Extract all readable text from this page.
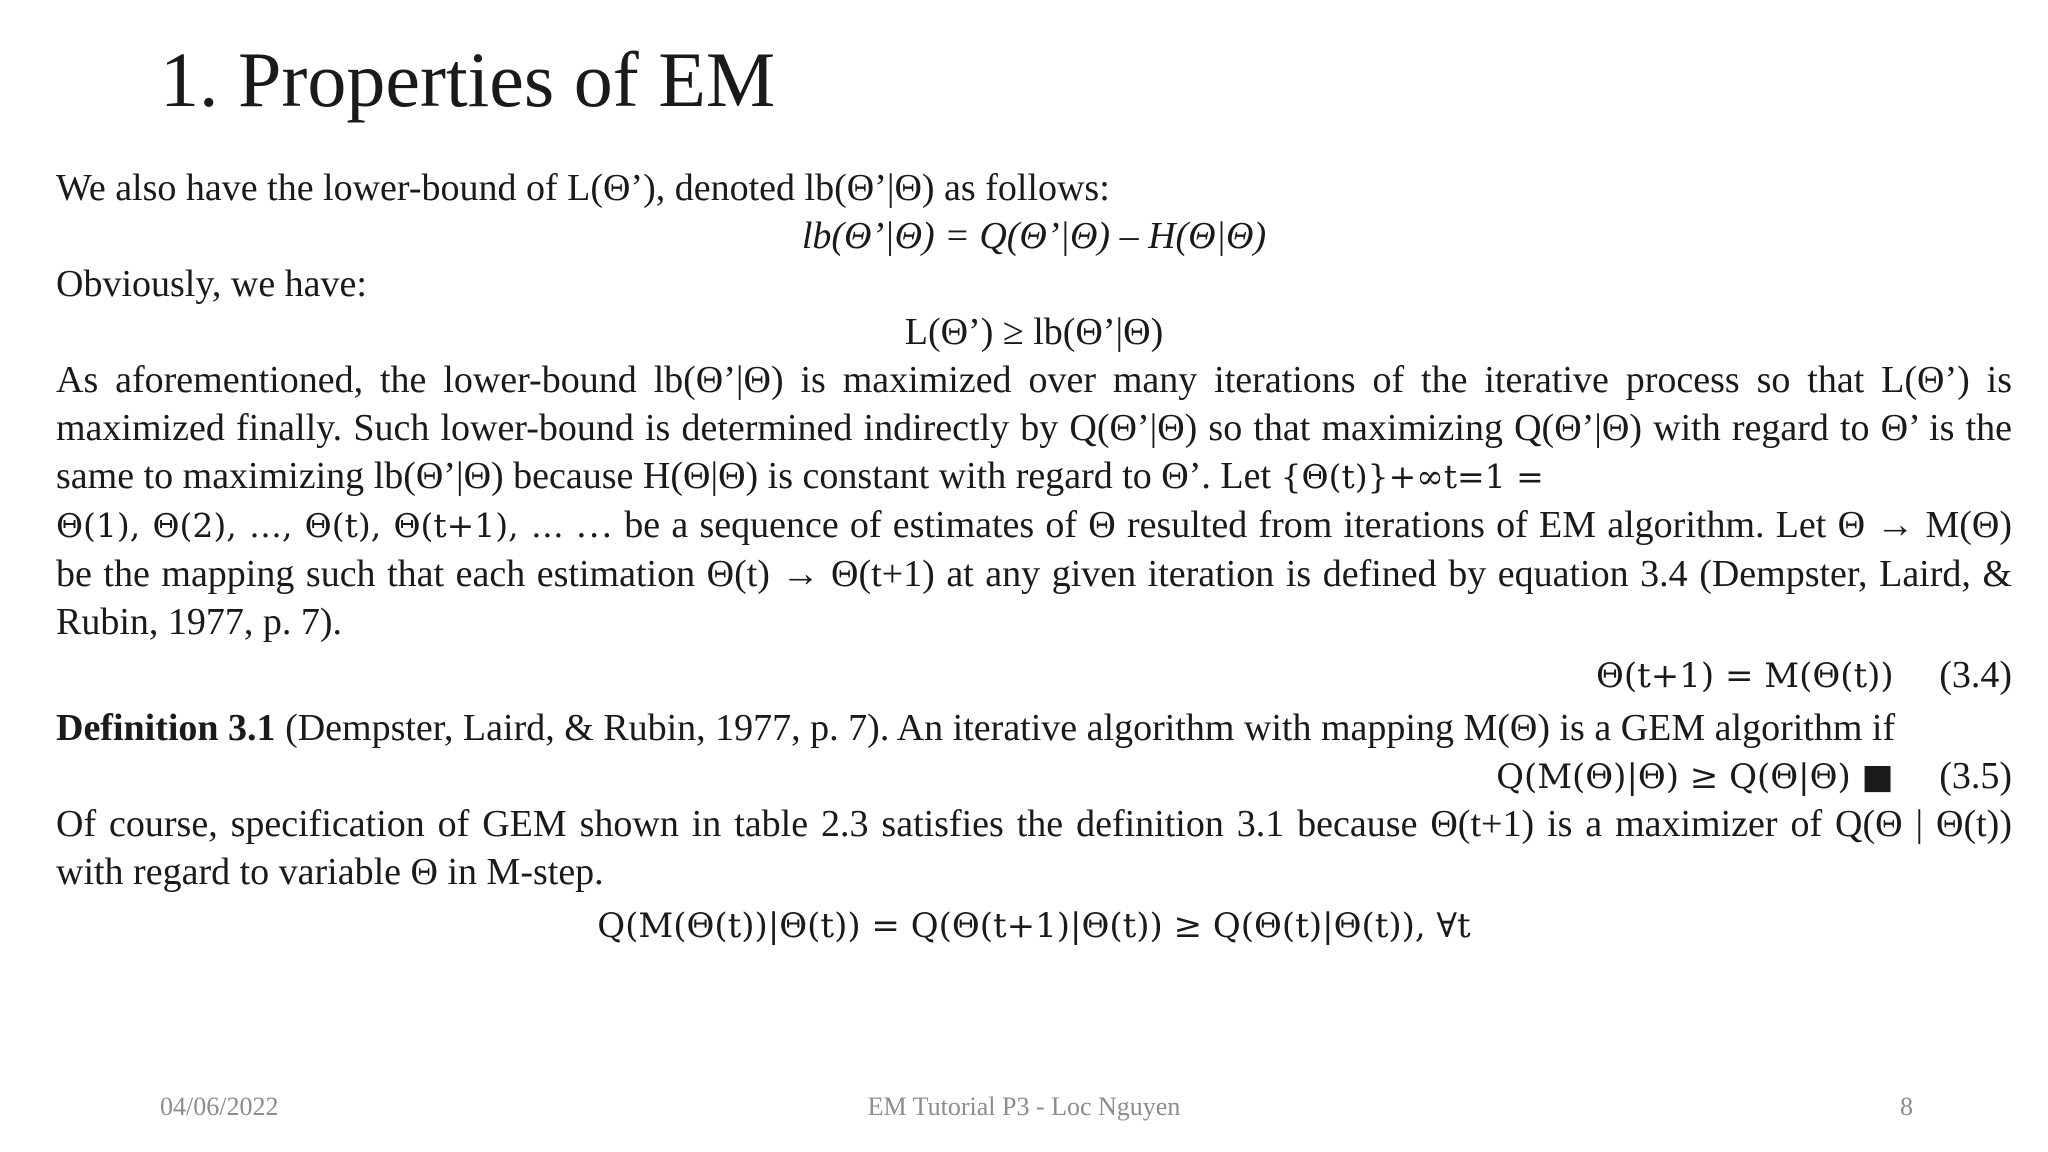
1. Properties of EM

We also have the lower-bound of L(Θ’), denoted lb(Θ’|Θ) as follows:

lb(Θ’|Θ) = Q(Θ’|Θ) – H(Θ|Θ)

Obviously, we have:

L(Θ’) ≥ lb(Θ’|Θ)

As aforementioned, the lower-bound lb(Θ’|Θ) is maximized over many iterations of the iterative process so that L(Θ’) is maximized finally. Such lower-bound is determined indirectly by Q(Θ’|Θ) so that maximizing Q(Θ’|Θ) with regard to Θ’ is the same to maximizing lb(Θ’|Θ) because H(Θ|Θ) is constant with regard to Θ’. Let {Θ(t)}+∞t=1 =

Θ(1), Θ(2), …, Θ(t), Θ(t+1), … … be a sequence of estimates of Θ resulted from iterations of EM algorithm. Let Θ → M(Θ) be the mapping such that each estimation Θ(t) → Θ(t+1) at any given iteration is defined by equation 3.4 (Dempster, Laird, & Rubin, 1977, p. 7).

Θ(t+1) = M(Θ(t)) (3.4)

Definition 3.1 (Dempster, Laird, & Rubin, 1977, p. 7). An iterative algorithm with mapping M(Θ) is a GEM algorithm if

Q(M(Θ)|Θ) ≥ Q(Θ|Θ) ■ (3.5)

Of course, specification of GEM shown in table 2.3 satisfies the definition 3.1 because Θ(t+1) is a maximizer of Q(Θ | Θ(t)) with regard to variable Θ in M-step.

Q(M(Θ(t))|Θ(t)) = Q(Θ(t+1)|Θ(t)) ≥ Q(Θ(t)|Θ(t)), ∀t
04/06/2022	EM Tutorial P3 - Loc Nguyen	8
